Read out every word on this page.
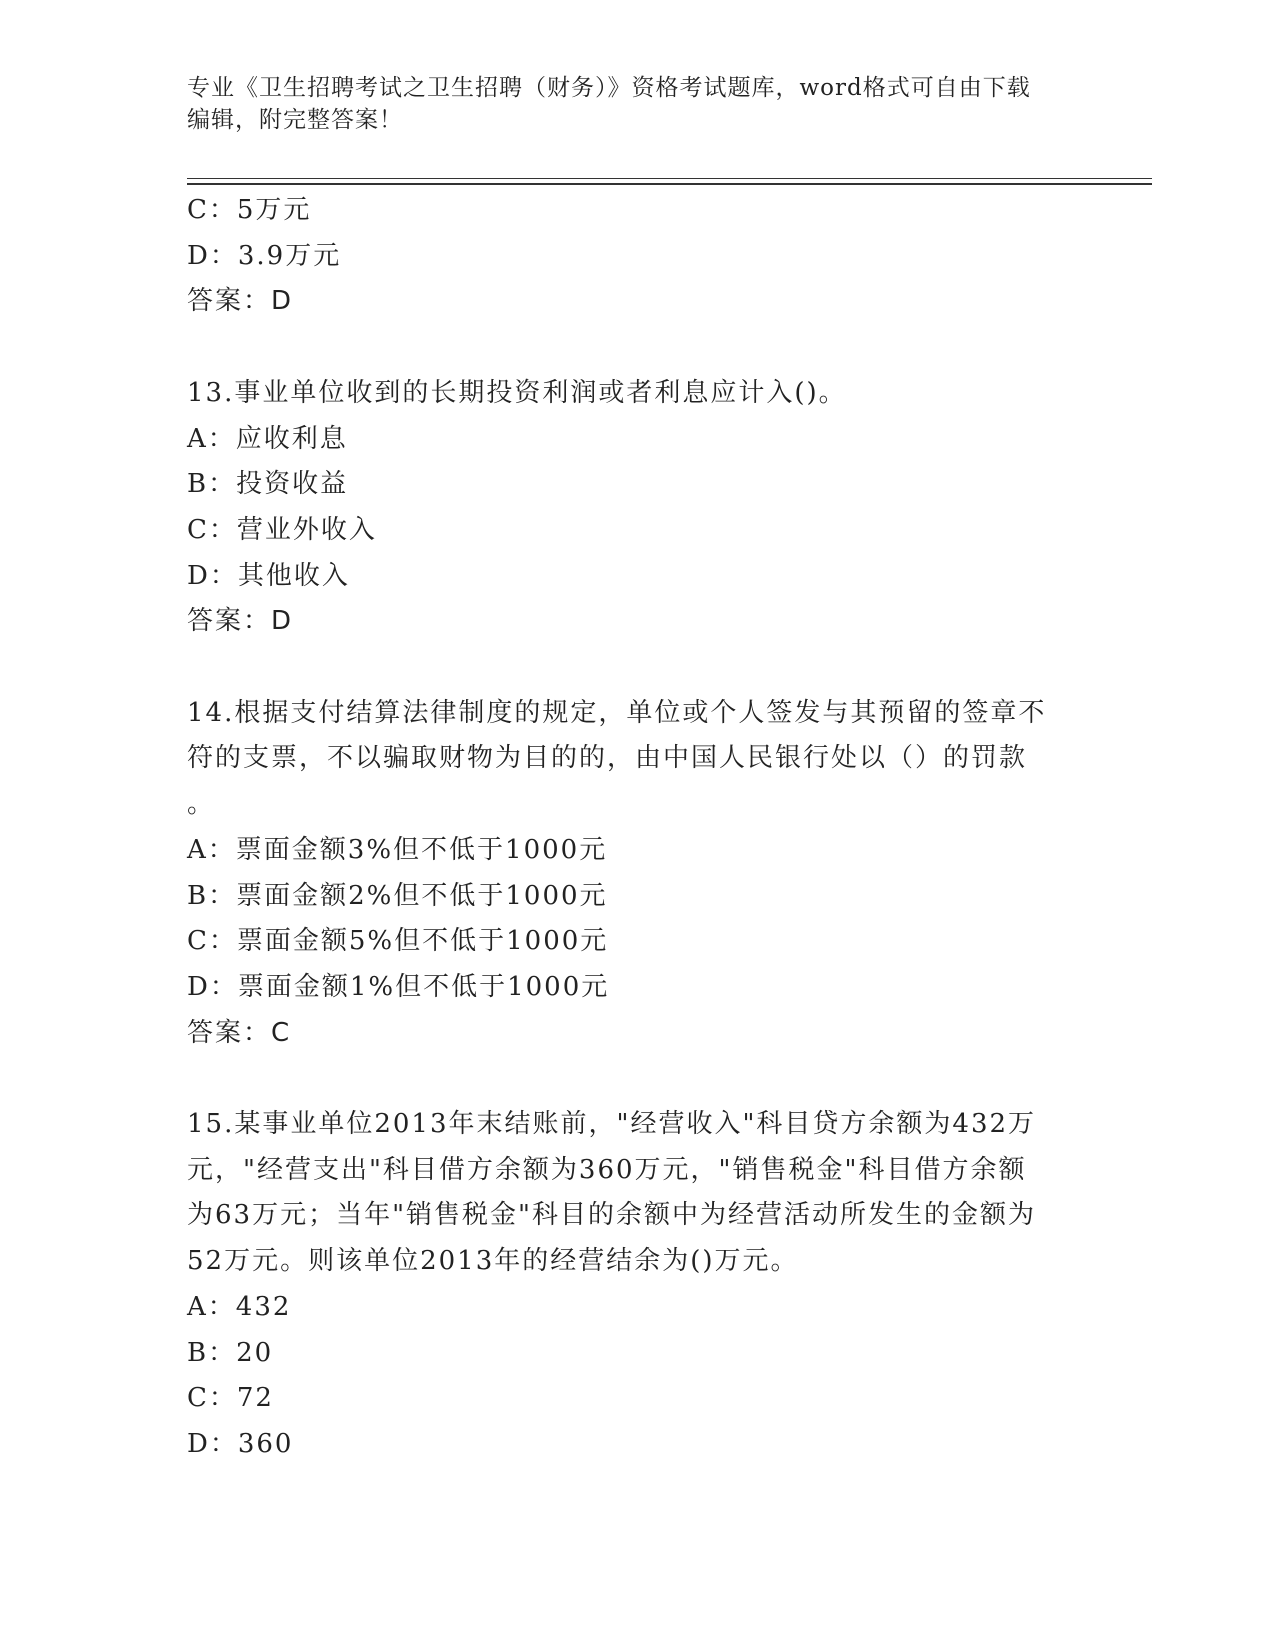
专业《卫生招聘考试之卫生招聘（财务）》资格考试题库，word格式可自由下载
编辑，附完整答案！
C：5万元
D：3.9万元
答案：D
13.事业单位收到的长期投资利润或者利息应计入()。
A：应收利息
B：投资收益
C：营业外收入
D：其他收入
答案：D
14.根据支付结算法律制度的规定，单位或个人签发与其预留的签章不
符的支票，不以骗取财物为目的的，由中国人民银行处以（）的罚款
。
A：票面金额3%但不低于1000元
B：票面金额2%但不低于1000元
C：票面金额5%但不低于1000元
D：票面金额1%但不低于1000元
答案：C
15.某事业单位2013年末结账前，"经营收入"科目贷方余额为432万
元，"经营支出"科目借方余额为360万元，"销售税金"科目借方余额
为63万元；当年"销售税金"科目的余额中为经营活动所发生的金额为
52万元。则该单位2013年的经营结余为()万元。
A：432
B：20
C：72
D：360
